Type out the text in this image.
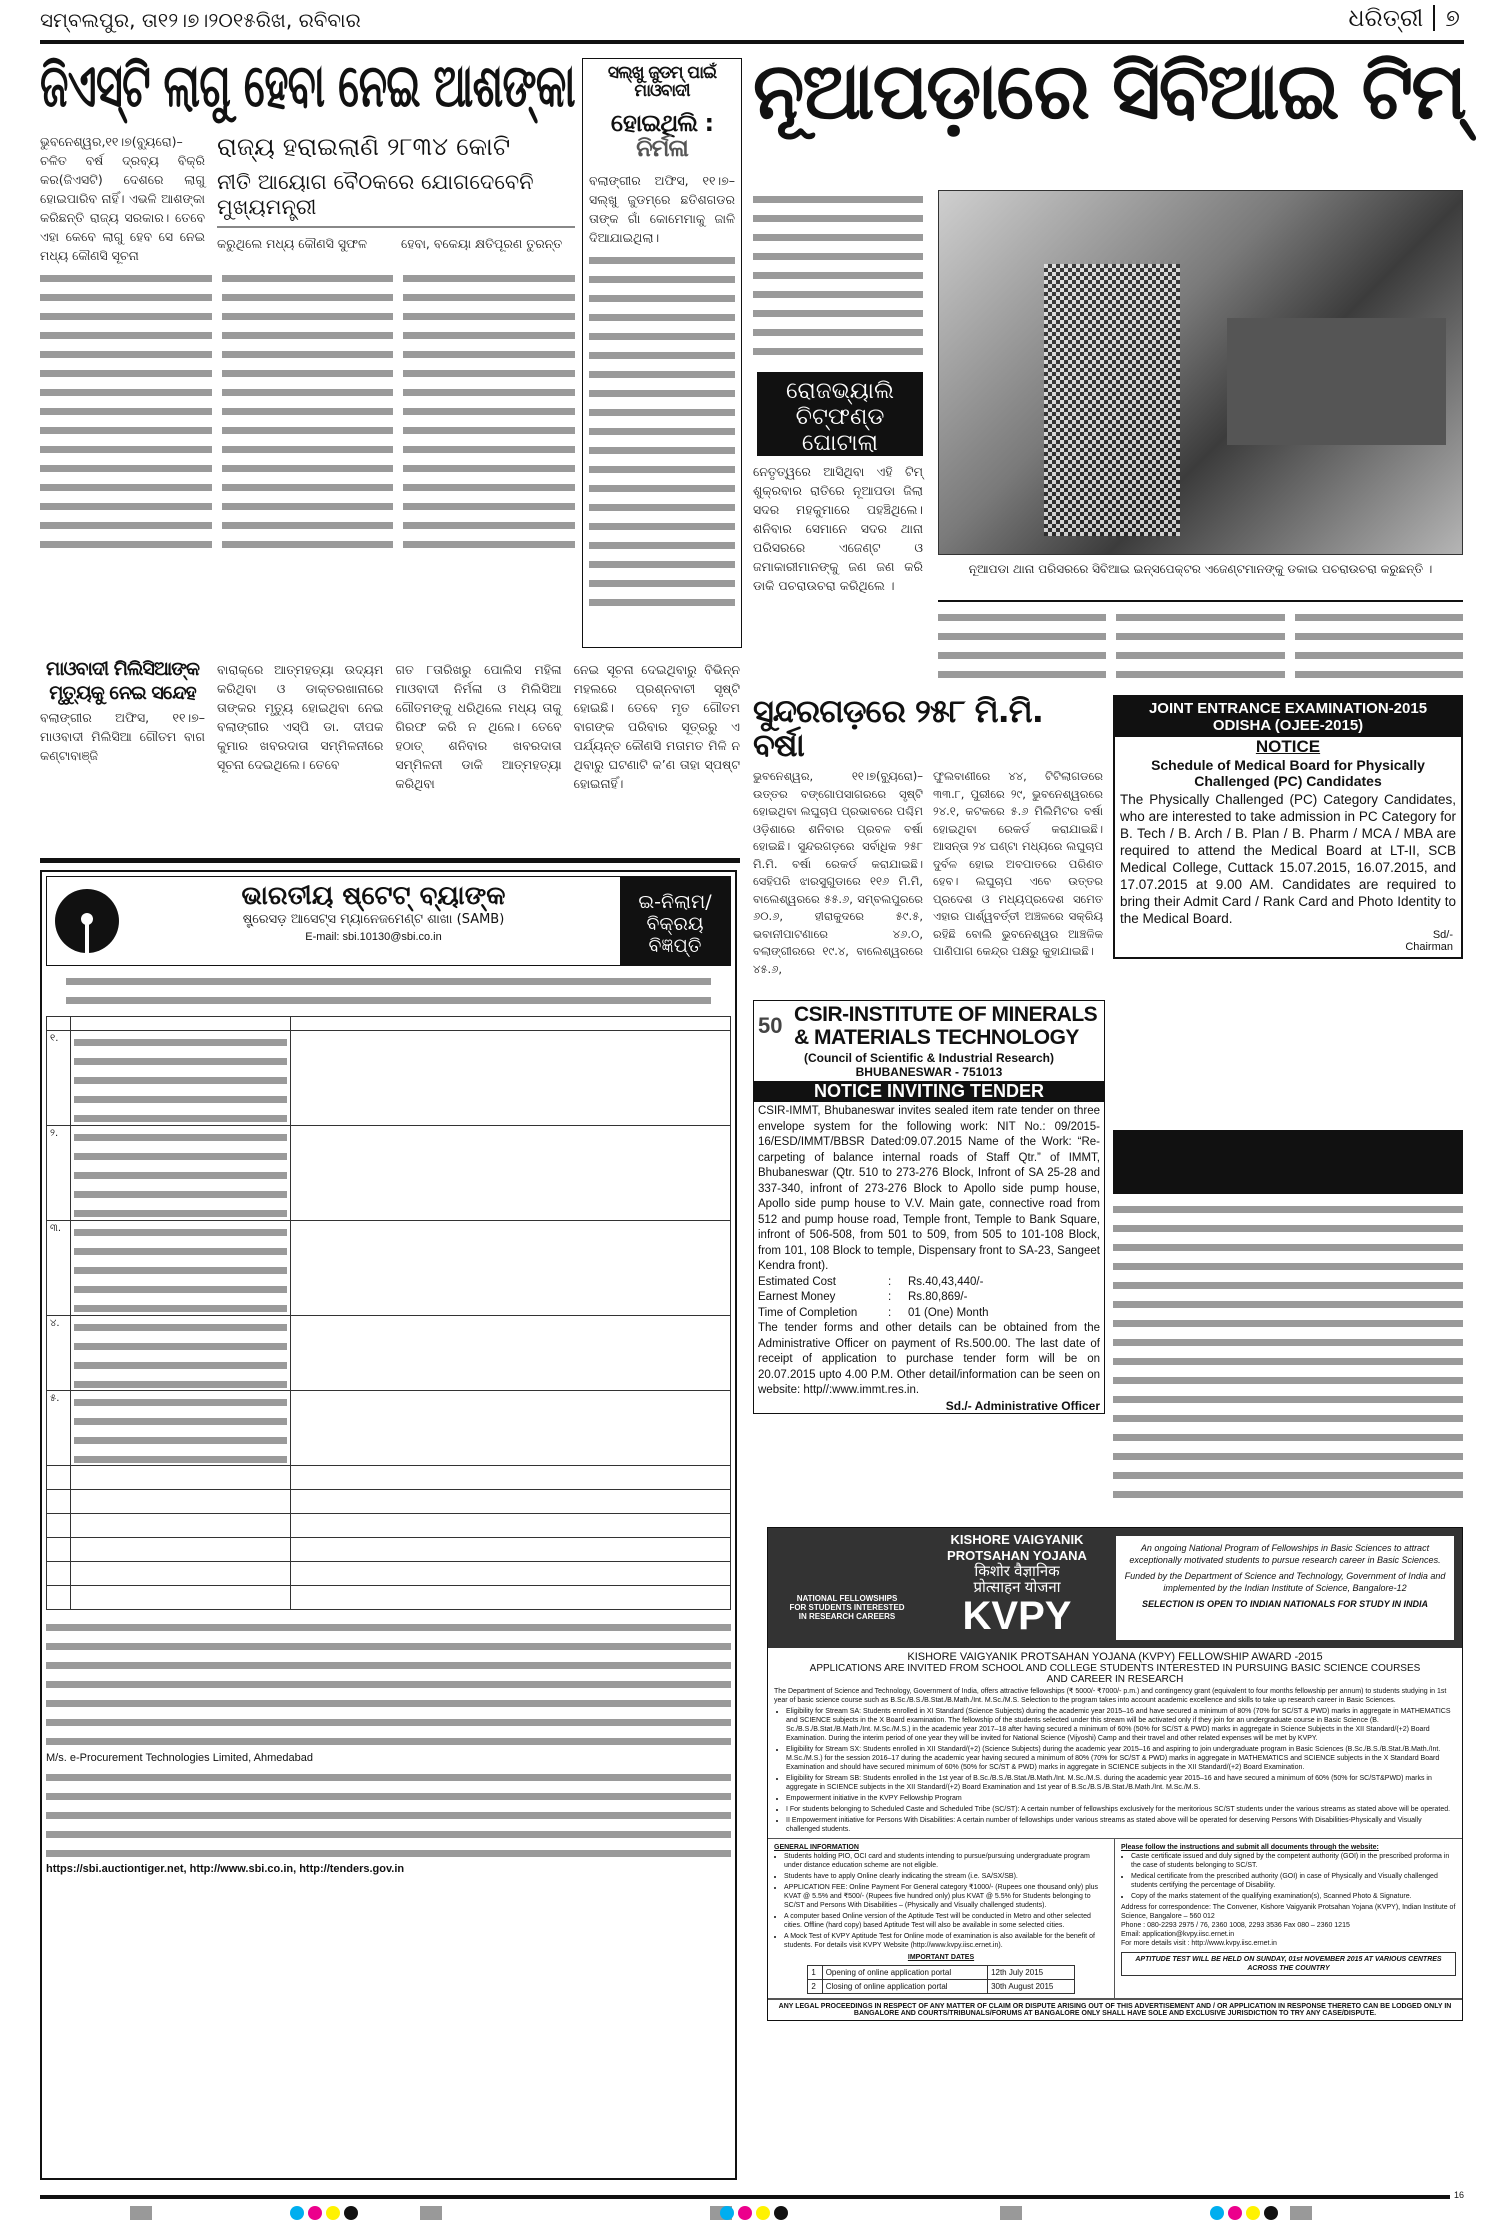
ସମ୍ବଲପୁର, ତା୧୨।୭।୨୦୧୫ରିଖ, ରବିବାର	ଧରିତ୍ରୀ ୭
ଜିଏସ୍‌ଟି ଲାଗୁ ହେବା ନେଇ ଆଶଙ୍କା
ଭୁବନେଶ୍ୱର,୧୧।୭(ବ୍ୟୁରୋ)– ଚଳିତ ବର୍ଷ ଦ୍ରବ୍ୟ ବିକ୍ରି କର(ଜିଏସଟି) ଦେଶରେ ଲାଗୁ ହୋଇପାରିବ ନାହିଁ। ଏଭଳି ଆଶଙ୍କା କରିଛନ୍ତି ରାଜ୍ୟ ସରକାର। ତେବେ ଏହା କେବେ ଲାଗୁ ହେବ ସେ ନେଇ ମଧ୍ୟ କୌଣସି ସୂଚନା
ରାଜ୍ୟ ହରାଇଲାଣି ୨୮୩୪ କୋଟି
ନୀତି ଆୟୋଗ ବୈଠକରେ ଯୋଗଦେବେନି ମୁଖ୍ୟମନ୍ତ୍ରୀ
କରୁଥିଲେ ମଧ୍ୟ କୌଣସି ସୁଫଳ	ହେବା, ବକେୟା କ୍ଷତିପୂରଣ ତୁରନ୍ତ
ସଲ୍ଖୁ ଜୁଡମ୍ ପାଇଁ ମାଓବାଦୀ
ହୋଇଥିଲି : ନିର୍ମଳା
ବଲାଙ୍ଗୀର ଅଫିସ, ୧୧।୭– ସଲ୍ଖୁ ଜୁଡମ୍‌ରେ ଛତିଶଗଡର ତାଙ୍କ ଗାଁ କୋମେମାକୁ ଜାଳି ଦିଆଯାଇଥିଲା।
ନୂଆପଡ଼ାରେ ସିବିଆଇ ଟିମ୍
ରୋଜଭ୍ୟାଲି
ଚିଟ୍‌ଫଣ୍ଡ ଘୋଟାଲା
ନେତୃତ୍ୱରେ ଆସିଥିବା ଏହି ଟିମ୍ ଶୁକ୍ରବାର ରାତିରେ ନୂଆପଡା ଜିଲା ସଦର ମହକୁମାରେ ପହଞ୍ଚିଥିଲେ। ଶନିବାର ସେମାନେ ସଦର ଥାନା ପରିସରରେ ଏଜେଣ୍ଟ ଓ ଜମାକାରୀମାନଙ୍କୁ ଜଣ ଜଣ କରି ଡାକି ପଚରାଉଚରା କରିଥିଲେ ।
ନୂଆପଡା ଥାନା ପରିସରରେ ସିବିଆଇ ଇନ୍‌ସପେକ୍ଟର ଏଜେଣ୍ଟମାନଙ୍କୁ ଡକାଇ ପଚରାଉଚରା କରୁଛନ୍ତି ।
ମାଓବାଦୀ ମିଲିସିଆଙ୍କ
ମୃତ୍ୟୁକୁ ନେଇ ସନ୍ଦେହ
ବଲାଙ୍ଗୀର ଅଫିସ, ୧୧।୭– ମାଓବାଦୀ ମିଲିସିଆ ଗୌତମ ବାଗ କଣ୍ଟାବାଞ୍ଜି
ବାରାକ୍‌ରେ ଆତ୍ମହତ୍ୟା ଉଦ୍ୟମ କରିଥିବା ଓ ଡାକ୍ତରଖାନାରେ ତାଙ୍କର ମୃତ୍ୟୁ ହୋଇଥିବା ନେଇ ବଲାଙ୍ଗୀର ଏସ୍‌ପି ଡା. ଦୀପକ କୁମାର ଖବରଦାତା ସମ୍ମିଳନୀରେ ସୂଚନା ଦେଇଥିଲେ। ତେବେ
ଗତ ୮ତାରିଖରୁ ପୋଲିସ ମହିଳା ମାଓବାଦୀ ନିର୍ମଳା ଓ ମିଲିସିଆ ଗୌତମଙ୍କୁ ଧରିଥିଲେ ମଧ୍ୟ ତାକୁ ଗିରଫ କରି ନ ଥିଲେ। ତେବେ ହଠାତ୍ ଶନିବାର ଖବରଦାତା ସମ୍ମିଳନୀ ଡାକି ଆତ୍ମହତ୍ୟା କରିଥିବା
ନେଇ ସୂଚନା ଦେଇଥିବାରୁ ବିଭିନ୍ନ ମହଲରେ ପ୍ରଶ୍ନବାଚୀ ସୃଷ୍ଟି ହୋଇଛି। ତେବେ ମୃତ ଗୌତମ ବାଗଙ୍କ ପରିବାର ସୂତ୍ରରୁ ଏ ପର୍ଯ୍ୟନ୍ତ କୌଣସି ମତାମତ ମିଳି ନ ଥିବାରୁ ଘଟଣାଟି କ’ଣ ତାହା ସ୍ପଷ୍ଟ ହୋଇନାହିଁ।
ଭାରତୀୟ ଷ୍ଟେଟ୍ ବ୍ୟାଙ୍କ
ଷ୍ଟ୍ରେସଡ଼ ଆସେଟ୍ସ ମ୍ୟାନେଜମେଣ୍ଟ ଶାଖା (SAMB)
E-mail: sbi.10130@sbi.co.in
ଇ-ନିଲାମ/
ବିକ୍ରୟ ବିଜ୍ଞପ୍ତି

୧.	

୨.	

୩.	

୪.	

୫.	

M/s. e-Procurement Technologies Limited, Ahmedabad
https://sbi.auctiontiger.net, http://www.sbi.co.in, http://tenders.gov.in
ସୁନ୍ଦରଗଡ଼ରେ ୨୫୮ ମି.ମି. ବର୍ଷା
ଭୁବନେଶ୍ୱର, ୧୧।୭(ବ୍ୟୁରୋ)– ଉତ୍ତର ବଙ୍ଗୋପସାଗରରେ ସୃଷ୍ଟି ହୋଇଥିବା ଲଘୁଚାପ ପ୍ରଭାବରେ ପଶ୍ଚିମ ଓଡ଼ିଶାରେ ଶନିବାର ପ୍ରବଳ ବର୍ଷା ହୋଇଛି। ସୁନ୍ଦରଗଡ଼ରେ ସର୍ବାଧିକ ୨୫୮ ମି.ମି. ବର୍ଷା ରେକର୍ଡ କରାଯାଇଛି। ସେହିପରି ଝାରସୁଗୁଡାରେ ୧୧୬ ମି.ମି, ବାଲେଶ୍ୱରରେ ୫୫.୬, ସମ୍ବଲପୁରରେ ୬୦.୬, ହୀରାକୁଦରେ ୫୯.୫, ଭବାନୀପାଟଣାରେ ୪୬.୦, ବଲାଙ୍ଗୀରରେ ୧୯.୪, ବାଲେଶ୍ୱରରେ ୪୫.୬,
ଫୁଲବାଣୀରେ ୪୪, ଟିଟିଲାଗଡରେ ୩୩.୮, ପୁରୀରେ ୨୯, ଭୁବନେଶ୍ୱରରେ ୨୪.୧, କଟକରେ ୫.୬ ମିଲିମିଟର ବର୍ଷା ହୋଇଥିବା ରେକର୍ଡ କରାଯାଇଛି। ଆସନ୍ତା ୨୪ ଘଣ୍ଟା ମଧ୍ୟରେ ଲଘୁଚାପ ଦୁର୍ବଳ ହୋଇ ଅବପାତରେ ପରିଣତ ହେବ। ଲଘୁଚାପ ଏବେ ଉତ୍ତର ପ୍ରଦେଶ ଓ ମଧ୍ୟପ୍ରଦେଶ ସମେତ ଏହାର ପାର୍ଶ୍ୱବର୍ତ୍ତୀ ଅଞ୍ଚଳରେ ସକ୍ରିୟ ରହିଛି ବୋଲି ଭୁବନେଶ୍ୱର ଆଞ୍ଚଳିକ ପାଣିପାଗ କେନ୍ଦ୍ର ପକ୍ଷରୁ କୁହାଯାଇଛି।
JOINT ENTRANCE EXAMINATION-2015
ODISHA (OJEE-2015)
NOTICE
Schedule of Medical Board for Physically Challenged (PC) Candidates
The Physically Challenged (PC) Category Candidates, who are interested to take admission in PC Category for B. Tech / B. Arch / B. Plan / B. Pharm / MCA / MBA are required to attend the Medical Board at LT-II, SCB Medical College, Cuttack 15.07.2015, 16.07.2015, and 17.07.2015 at 9.00 AM. Candidates are required to bring their Admit Card / Rank Card and Photo Identity to the Medical Board.
Sd/-
Chairman
50 CSIR-INSTITUTE OF MINERALS
& MATERIALS TECHNOLOGY
(Council of Scientific & Industrial Research)
BHUBANESWAR - 751013
NOTICE INVITING TENDER
CSIR-IMMT, Bhubaneswar invites sealed item rate tender on three envelope system for the following work: NIT No.: 09/2015-16/ESD/IMMT/BBSR Dated:09.07.2015 Name of the Work: “Re-carpeting of balance internal roads of Staff Qtr.” of IMMT, Bhubaneswar (Qtr. 510 to 273-276 Block, Infront of SA 25-28 and 337-340, infront of 273-276 Block to Apollo side pump house, Apollo side pump house to V.V. Main gate, connective road from 512 and pump house road, Temple front, Temple to Bank Square, infront of 506-508, from 501 to 509, from 505 to 101-108 Block, from 101, 108 Block to temple, Dispensary front to SA-23, Sangeet Kendra front).
Estimated Cost	:	Rs.40,43,440/-
Earnest Money	:	Rs.80,869/-
Time of Completion	:	01 (One) Month
The tender forms and other details can be obtained from the Administrative Officer on payment of Rs.500.00. The last date of receipt of application to purchase tender form will be on 20.07.2015 upto 4.00 P.M. Other detail/information can be seen on website: http//:www.immt.res.in.
Sd./- Administrative Officer
NATIONAL FELLOWSHIPS
FOR STUDENTS INTERESTED
IN RESEARCH CAREERS
KISHORE VAIGYANIK
PROTSAHAN YOJANA
किशोर वैज्ञानिक
प्रोत्साहन योजना
KVPY
An ongoing National Program of Fellowships in Basic Sciences to attract exceptionally motivated students to pursue research career in Basic Sciences.
Funded by the Department of Science and Technology, Government of India and implemented by the Indian Institute of Science, Bangalore-12
SELECTION IS OPEN TO INDIAN NATIONALS FOR STUDY IN INDIA
KISHORE VAIGYANIK PROTSAHAN YOJANA (KVPY) FELLOWSHIP AWARD -2015
APPLICATIONS ARE INVITED FROM SCHOOL AND COLLEGE STUDENTS INTERESTED IN PURSUING BASIC SCIENCE COURSES AND CAREER IN RESEARCH
The Department of Science and Technology, Government of India, offers attractive fellowships (₹ 5000/- ₹7000/- p.m.) and contingency grant (equivalent to four months fellowship per annum) to students studying in 1st year of basic science course such as B.Sc./B.S./B.Stat./B.Math./Int. M.Sc./M.S. Selection to the program takes into account academic excellence and skills to take up research career in Basic Sciences.
• Eligibility for Stream SA: Students enrolled in XI Standard (Science Subjects) during the academic year 2015–16 and have secured a minimum of 80% (70% for SC/ST & PWD) marks in aggregate in MATHEMATICS and SCIENCE subjects in the X Board examination. The fellowship of the students selected under this stream will be activated only if they join for an undergraduate course in Basic Science (B. Sc./B.S./B.Stat./B.Math./Int. M.Sc./M.S.) in the academic year 2017–18 after having secured a minimum of 60% (50% for SC/ST & PWD) marks in aggregate in Science Subjects in the XII Standard/(+2) Board Examination. During the interim period of one year they will be invited for National Science (Vijyoshi) Camp and their travel and other related expenses will be met by KVPY.
• Eligibility for Stream SX: Students enrolled in XII Standard/(+2) (Science Subjects) during the academic year 2015–16 and aspiring to join undergraduate program in Basic Sciences (B.Sc./B.S./B.Stat./B.Math./Int. M.Sc./M.S.) for the session 2016–17 during the academic year having secured a minimum of 80% (70% for SC/ST & PWD) marks in aggregate in MATHEMATICS and SCIENCE subjects in the X Standard Board Examination and should have secured minimum of 60% (50% for SC/ST & PWD) marks in aggregate in SCIENCE subjects in the XII Standard/(+2) Board Examination.
• Eligibility for Stream SB: Students enrolled in the 1st year of B.Sc./B.S./B.Stat./B.Math./Int. M.Sc./M.S. during the academic year 2015–16 and have secured a minimum of 60% (50% for SC/ST&PWD) marks in aggregate in SCIENCE subjects in the XII Standard/(+2) Board Examination and 1st year of B.Sc./B.S./B.Stat./B.Math./Int. M.Sc./M.S.
• Empowerment initiative in the KVPY Fellowship Program
• I For students belonging to Scheduled Caste and Scheduled Tribe (SC/ST): A certain number of fellowships exclusively for the meritorious SC/ST students under the various streams as stated above will be operated.
• II Empowerment initiative for Persons With Disabilities: A certain number of fellowships under various streams as stated above will be operated for deserving Persons With Disabilities-Physically and Visually challenged students.
GENERAL INFORMATION
• Students holding PIO, OCI card and students intending to pursue/pursuing undergraduate program under distance education scheme are not eligible.
• Students have to apply Online clearly indicating the stream (i.e. SA/SX/SB).
• APPLICATION FEE: Online Payment For General category ₹1000/- (Rupees one thousand only) plus KVAT @ 5.5% and ₹500/- (Rupees five hundred only) plus KVAT @ 5.5% for Students belonging to SC/ST and Persons With Disabilities – (Physically and Visually challenged students).
• A computer based Online version of the Aptitude Test will be conducted in Metro and other selected cities. Offline (hard copy) based Aptitude Test will also be available in some selected cities.
• A Mock Test of KVPY Aptitude Test for Online mode of examination is also available for the benefit of students. For details visit KVPY Website (http://www.kvpy.iisc.ernet.in).
IMPORTANT DATES
1	Opening of online application portal	12th July 2015
2	Closing of online application portal	30th August 2015
Please follow the instructions and submit all documents through the website:
• Caste certificate issued and duly signed by the competent authority (GOI) in the prescribed proforma in the case of students belonging to SC/ST.
• Medical certificate from the prescribed authority (GOI) in case of Physically and Visually challenged students certifying the percentage of Disability.
• Copy of the marks statement of the qualifying examination(s), Scanned Photo & Signature.
Address for correspondence: The Convener, Kishore Vaigyanik Protsahan Yojana (KVPY), Indian Institute of Science, Bangalore – 560 012
Phone : 080-2293 2975 / 76, 2360 1008, 2293 3536 Fax 080 – 2360 1215
Email: application@kvpy.iisc.ernet.in
For more details visit : http://www.kvpy.iisc.ernet.in
APTITUDE TEST WILL BE HELD ON SUNDAY, 01st NOVEMBER 2015 AT VARIOUS CENTRES ACROSS THE COUNTRY
ANY LEGAL PROCEEDINGS IN RESPECT OF ANY MATTER OF CLAIM OR DISPUTE ARISING OUT OF THIS ADVERTISEMENT AND / OR APPLICATION IN RESPONSE THERETO CAN BE LODGED ONLY IN BANGALORE AND COURTS/TRIBUNALS/FORUMS AT BANGALORE ONLY SHALL HAVE SOLE AND EXCLUSIVE JURISDICTION TO TRY ANY CASE/DISPUTE.
16
